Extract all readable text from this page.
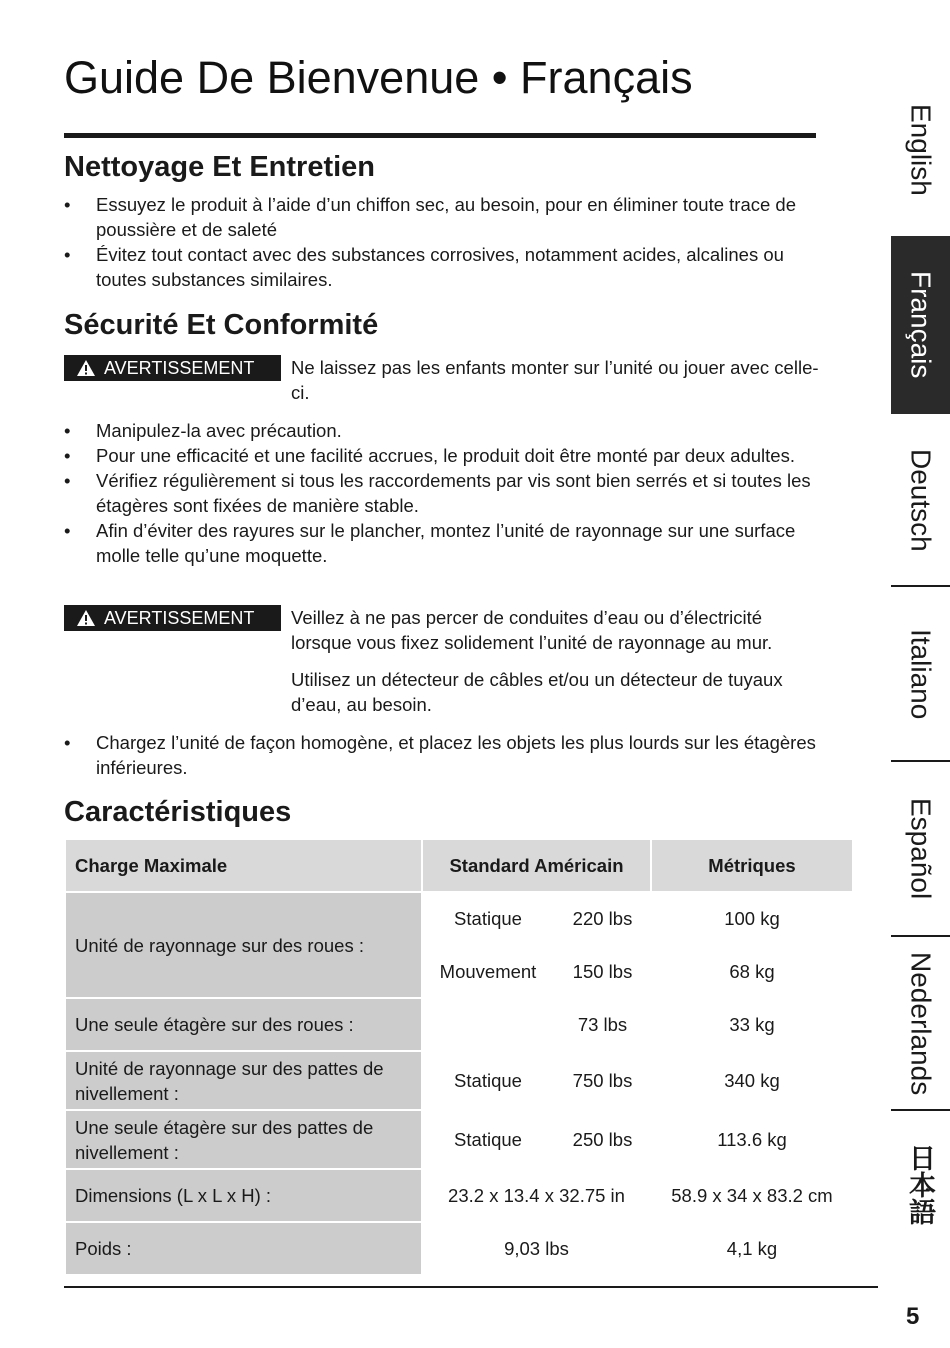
Guide De Bienvenue • Français
Nettoyage Et Entretien
• Essuyez le produit à l’aide d’un chiffon sec, au besoin, pour en éliminer toute trace de poussière et de saleté
• Évitez tout contact avec des substances corrosives, notamment acides, alcalines ou toutes substances similaires.
Sécurité Et Conformité
AVERTISSEMENT Ne laissez pas les enfants monter sur l’unité ou jouer avec celle-ci.

• Manipulez-la avec précaution.
• Pour une efficacité et une facilité accrues, le produit doit être monté par deux adultes.
• Vérifiez régulièrement si tous les raccordements par vis sont bien serrés et si toutes les étagères sont fixées de manière stable.
• Afin d’éviter des rayures sur le plancher, montez l’unité de rayonnage sur une surface molle telle qu’une moquette.
AVERTISSEMENT Veillez à ne pas percer de conduites d’eau ou d’électricité lorsque vous fixez solidement l’unité de rayonnage au mur.

Utilisez un détecteur de câbles et/ou un détecteur de tuyaux d’eau, au besoin.

• Chargez l’unité de façon homogène, et placez les objets les plus lourds sur les étagères inférieures.
Caractéristiques
Charge Maximale	Standard Américain		Métriques
Unité de rayonnage sur des roues :	Statique	220 lbs	100 kg
	Mouvement	150 lbs	68 kg
Une seule étagère sur des roues :		73 lbs	33 kg
Unité de rayonnage sur des pattes de nivellement :	Statique	750 lbs	340 kg
Une seule étagère sur des pattes de nivellement :	Statique	250 lbs	113.6 kg
Dimensions (L x L x H) :	23.2 x 13.4 x 32.75 in		58.9 x 34 x 83.2 cm
Poids :	9,03 lbs		4,1 kg
5
English
Français
Deutsch
Italiano
Español
Nederlands
日本語
